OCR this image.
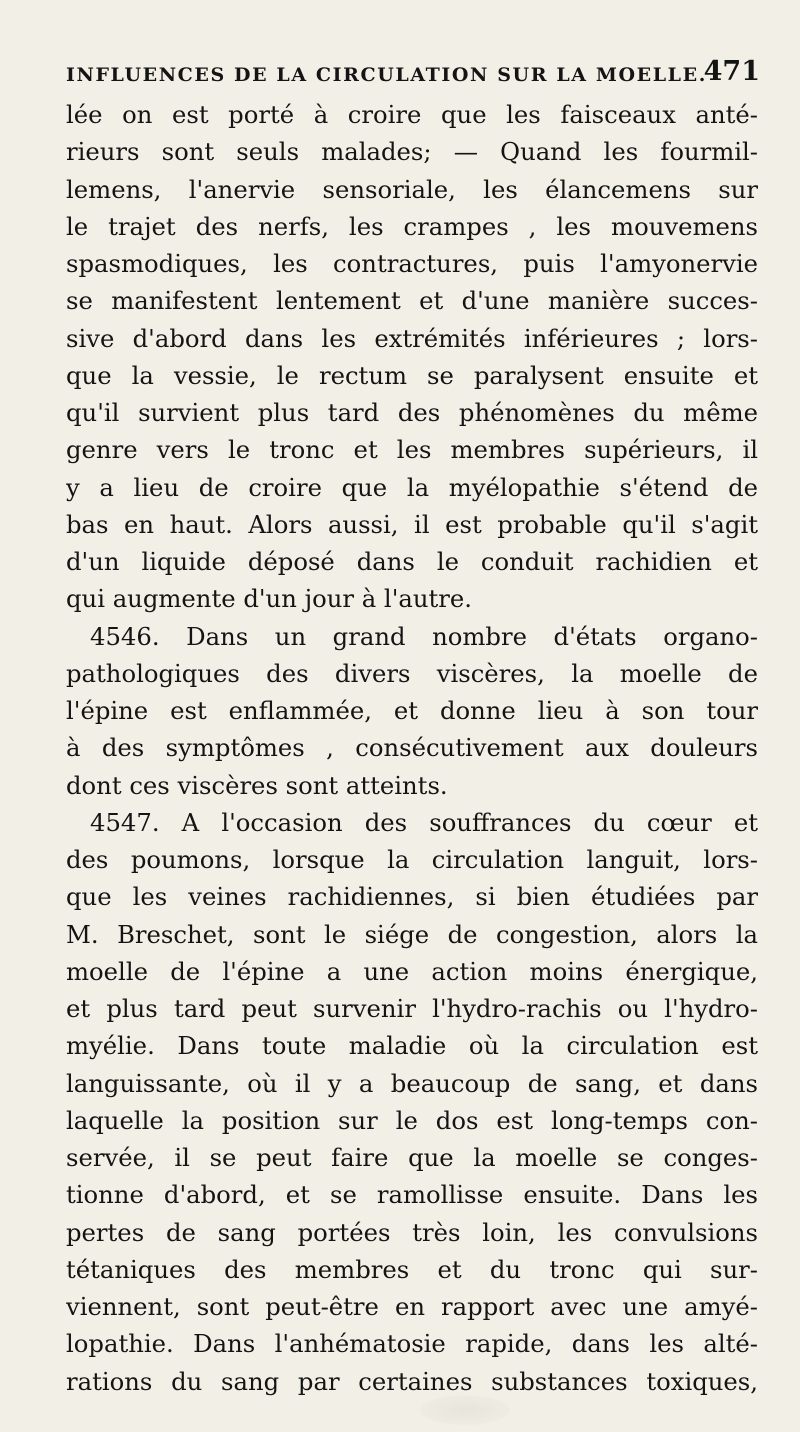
INFLUENCES DE LA CIRCULATION SUR LA MOELLE.
471
lée on est porté à croire que les faisceaux anté-
rieurs sont seuls malades; — Quand les fourmil-
lemens, l'anervie sensoriale, les élancemens sur
le trajet des nerfs, les crampes , les mouvemens
spasmodiques, les contractures, puis l'amyonervie
se manifestent lentement et d'une manière succes-
sive d'abord dans les extrémités inférieures ; lors-
que la vessie, le rectum se paralysent ensuite et
qu'il survient plus tard des phénomènes du même
genre vers le tronc et les membres supérieurs, il
y a lieu de croire que la myélopathie s'étend de
bas en haut. Alors aussi, il est probable qu'il s'agit
d'un liquide déposé dans le conduit rachidien et
qui augmente d'un jour à l'autre.
4546. Dans un grand nombre d'états organo-
pathologiques des divers viscères, la moelle de
l'épine est enflammée, et donne lieu à son tour
à des symptômes , consécutivement aux douleurs
dont ces viscères sont atteints.
4547. A l'occasion des souffrances du cœur et
des poumons, lorsque la circulation languit, lors-
que les veines rachidiennes, si bien étudiées par
M. Breschet, sont le siége de congestion, alors la
moelle de l'épine a une action moins énergique,
et plus tard peut survenir l'hydro-rachis ou l'hydro-
myélie. Dans toute maladie où la circulation est
languissante, où il y a beaucoup de sang, et dans
laquelle la position sur le dos est long-temps con-
servée, il se peut faire que la moelle se conges-
tionne d'abord, et se ramollisse ensuite. Dans les
pertes de sang portées très loin, les convulsions
tétaniques des membres et du tronc qui sur-
viennent, sont peut-être en rapport avec une amyé-
lopathie. Dans l'anhématosie rapide, dans les alté-
rations du sang par certaines substances toxiques,
